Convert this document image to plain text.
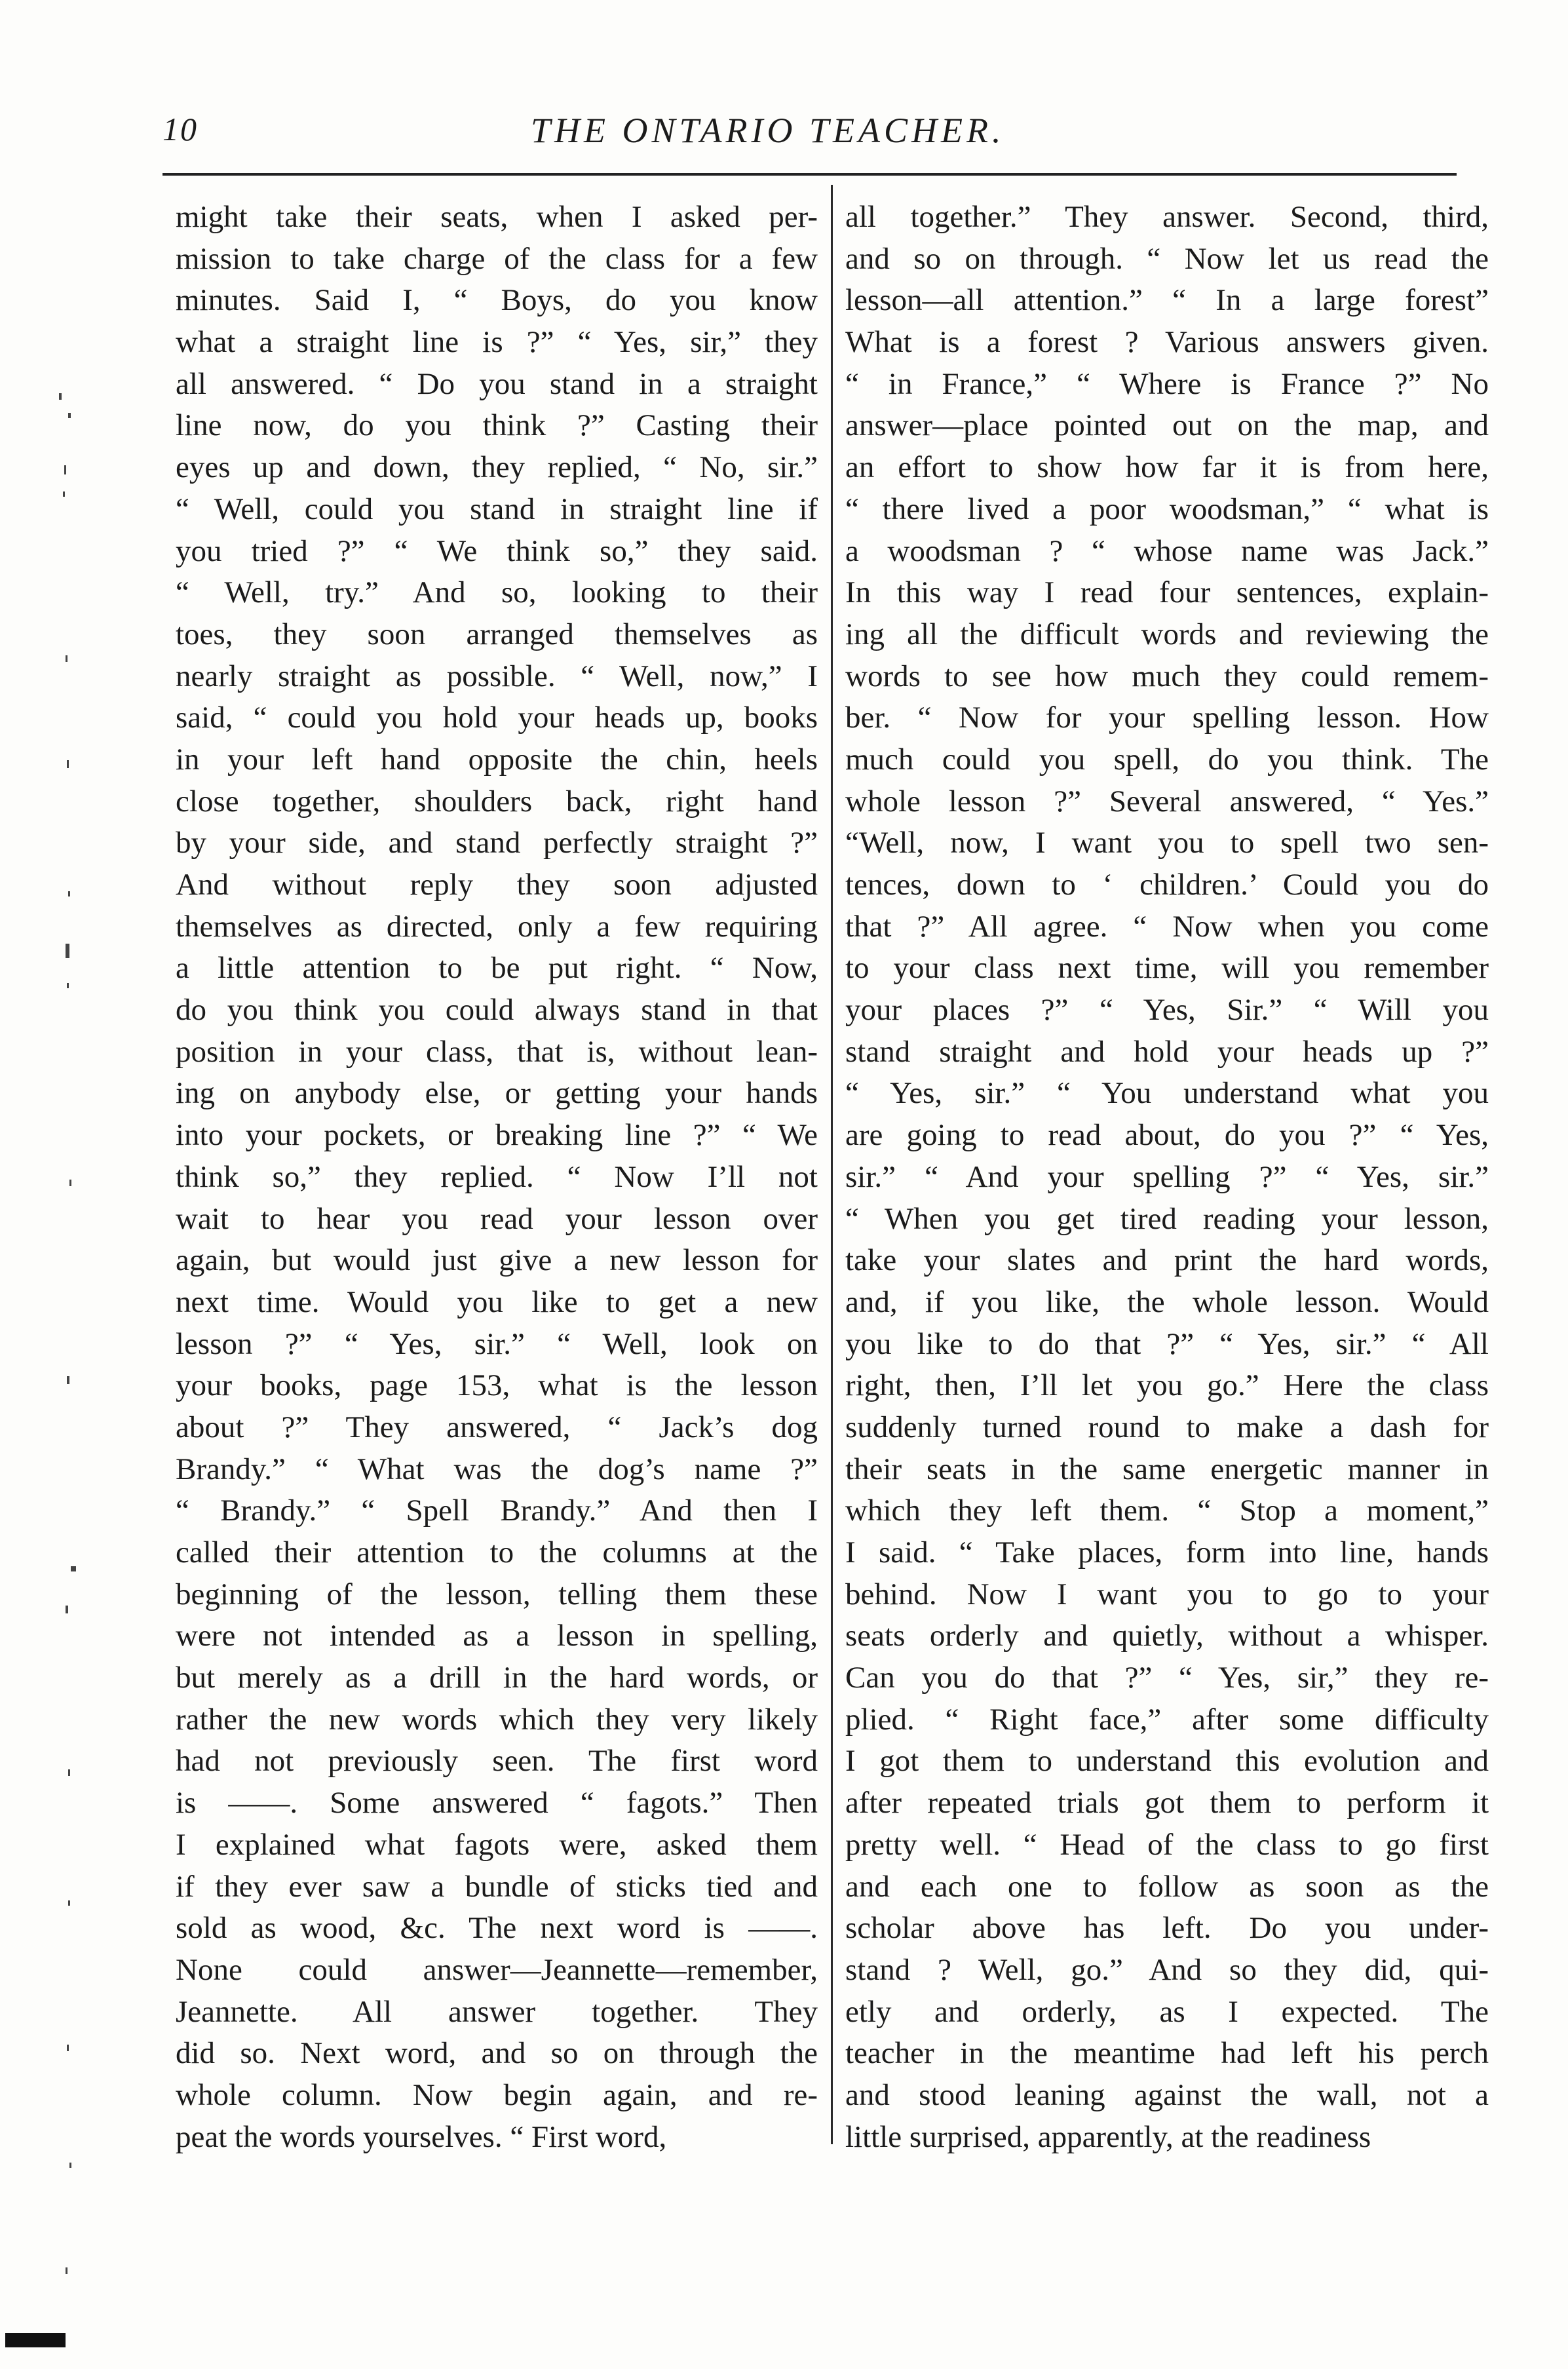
10	THE ONTARIO TEACHER.
might take their seats, when I asked per-
mission to take charge of the class for a few
minutes. Said I, “ Boys, do you know
what a straight line is ?” “ Yes, sir,” they
all answered. “ Do you stand in a straight
line now, do you think ?” Casting their
eyes up and down, they replied, “ No, sir.”
“ Well, could you stand in straight line if
you tried ?” “ We think so,” they said.
“ Well, try.” And so, looking to their
toes, they soon arranged themselves as
nearly straight as possible. “ Well, now,” I
said, “ could you hold your heads up, books
in your left hand opposite the chin, heels
close together, shoulders back, right hand
by your side, and stand perfectly straight ?”
And without reply they soon adjusted
themselves as directed, only a few requiring
a little attention to be put right. “ Now,
do you think you could always stand in that
position in your class, that is, without lean-
ing on anybody else, or getting your hands
into your pockets, or breaking line ?” “ We
think so,” they replied. “ Now I’ll not
wait to hear you read your lesson over
again, but would just give a new lesson for
next time. Would you like to get a new
lesson ?” “ Yes, sir.” “ Well, look on
your books, page 153, what is the lesson
about ?” They answered, “ Jack’s dog
Brandy.” “ What was the dog’s name ?”
“ Brandy.” “ Spell Brandy.” And then I
called their attention to the columns at the
beginning of the lesson, telling them these
were not intended as a lesson in spelling,
but merely as a drill in the hard words, or
rather the new words which they very likely
had not previously seen. The first word
is ——. Some answered “ fagots.” Then
I explained what fagots were, asked them
if they ever saw a bundle of sticks tied and
sold as wood, &c. The next word is ——.
None could answer—Jeannette—remember,
Jeannette. All answer together. They
did so. Next word, and so on through the
whole column. Now begin again, and re-
peat the words yourselves. “ First word,
all together.” They answer. Second, third,
and so on through. “ Now let us read the
lesson—all attention.” “ In a large forest”
What is a forest ? Various answers given.
“ in France,” “ Where is France ?” No
answer—place pointed out on the map, and
an effort to show how far it is from here,
“ there lived a poor woodsman,” “ what is
a woodsman ? “ whose name was Jack.”
In this way I read four sentences, explain-
ing all the difficult words and reviewing the
words to see how much they could remem-
ber. “ Now for your spelling lesson. How
much could you spell, do you think. The
whole lesson ?” Several answered, “ Yes.”
“Well, now, I want you to spell two sen-
tences, down to ‘ children.’ Could you do
that ?” All agree. “ Now when you come
to your class next time, will you remember
your places ?” “ Yes, Sir.” “ Will you
stand straight and hold your heads up ?”
“ Yes, sir.” “ You understand what you
are going to read about, do you ?” “ Yes,
sir.” “ And your spelling ?” “ Yes, sir.”
“ When you get tired reading your lesson,
take your slates and print the hard words,
and, if you like, the whole lesson. Would
you like to do that ?” “ Yes, sir.” “ All
right, then, I’ll let you go.” Here the class
suddenly turned round to make a dash for
their seats in the same energetic manner in
which they left them. “ Stop a moment,”
I said. “ Take places, form into line, hands
behind. Now I want you to go to your
seats orderly and quietly, without a whisper.
Can you do that ?” “ Yes, sir,” they re-
plied. “ Right face,” after some difficulty
I got them to understand this evolution and
after repeated trials got them to perform it
pretty well. “ Head of the class to go first
and each one to follow as soon as the
scholar above has left. Do you under-
stand ? Well, go.” And so they did, qui-
etly and orderly, as I expected. The
teacher in the meantime had left his perch
and stood leaning against the wall, not a
little surprised, apparently, at the readiness
